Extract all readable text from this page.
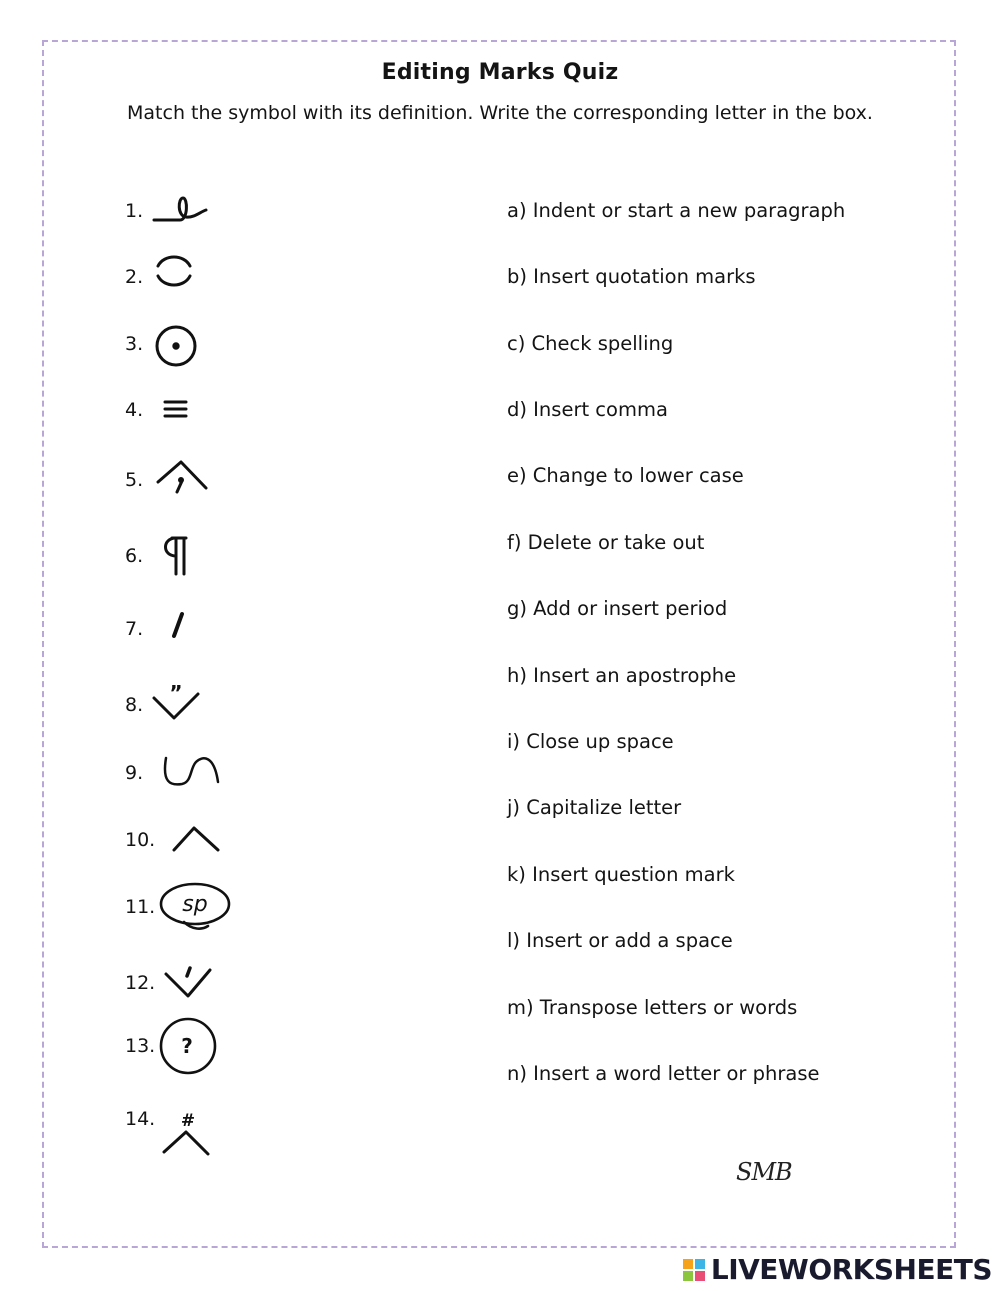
Editing Marks Quiz
Match the symbol with its definition. Write the corresponding letter in the box.
1.
2.
3.
4.
5.
6.
7.
8.
9.
10.
11.
12.
13.
14.
”
sp
?
#
a) Indent or start a new paragraph
b) Insert quotation marks
c) Check spelling
d) Insert comma
e) Change to lower case
f) Delete or take out
g) Add or insert period
h) Insert an apostrophe
i) Close up space
j) Capitalize letter
k) Insert question mark
l) Insert or add a space
m) Transpose letters or words
n) Insert a word letter or phrase
SMB
LIVEWORKSHEETS
